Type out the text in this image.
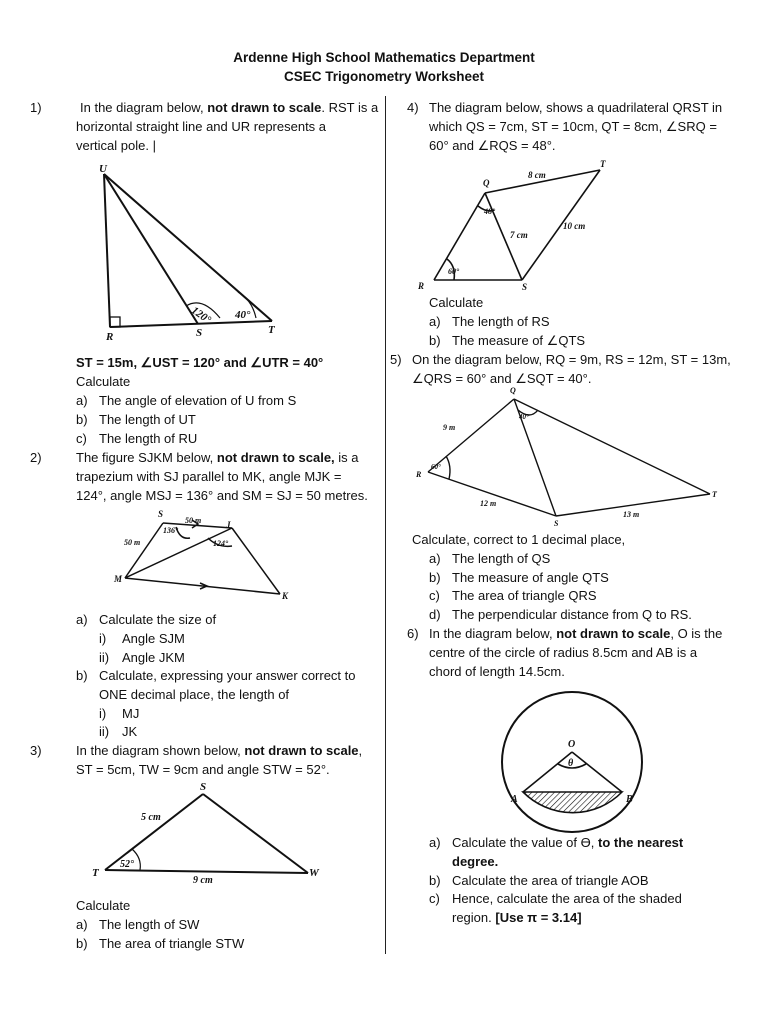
Ardenne High School Mathematics Department
CSEC Trigonometry Worksheet
1)	In the diagram below, not drawn to scale. RST is a
horizontal straight line and UR represents a
vertical pole. |
U
R	S	T
120° 40°
ST = 15m, ∠UST = 120° and ∠UTR = 40°
Calculate
a) The angle of elevation of U from S
b) The length of UT
c) The length of RU
2)	The figure SJKM below, not drawn to scale, is a
trapezium with SJ parallel to MK, angle MJK =
124°, angle MSJ = 136° and SM = SJ = 50 metres.
S
J
M
K
50 m
50 m
136°
124°
a) Calculate the size of
i) Angle SJM
ii) Angle JKM
b) Calculate, expressing your answer correct to
ONE decimal place, the length of
i) MJ
ii) JK
3)	In the diagram shown below, not drawn to scale,
ST = 5cm, TW = 9cm and angle STW = 52°.
S
T	W
5 cm
9 cm
52°
Calculate
a) The length of SW
b) The area of triangle STW
4) The diagram below, shows a quadrilateral QRST in
which QS = 7cm, ST = 10cm, QT = 8cm, ∠SRQ =
60° and ∠RQS = 48°.
Q
T
R	S
8 cm
7 cm
10 cm
48°
60°
Calculate
a) The length of RS
b) The measure of ∠QTS
5) On the diagram below, RQ = 9m, RS = 12m, ST = 13m,
∠QRS = 60° and ∠SQT = 40°.
Q
R
S
T
9 m
12 m
13 m
60°
40°
Calculate, correct to 1 decimal place,
a) The length of QS
b) The measure of angle QTS
c) The area of triangle QRS
d) The perpendicular distance from Q to RS.
6) In the diagram below, not drawn to scale, O is the
centre of the circle of radius 8.5cm and AB is a
chord of length 14.5cm.
O
A	B
θ
a) Calculate the value of ϴ, to the nearest
degree.
b) Calculate the area of triangle AOB
c) Hence, calculate the area of the shaded
region. [Use π = 3.14]
